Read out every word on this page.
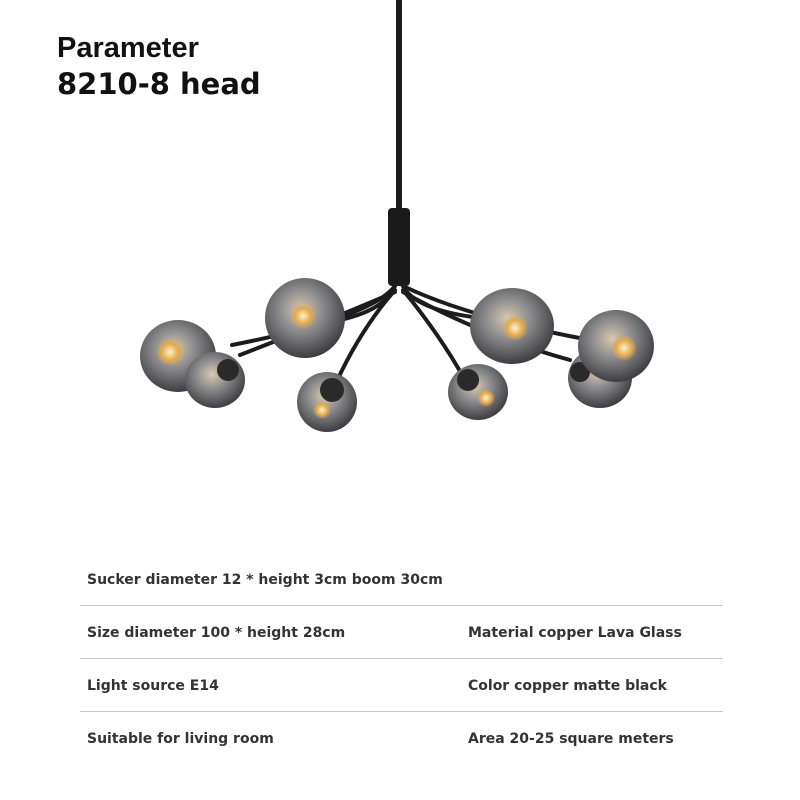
Parameter
8210-8 head
Sucker diameter 12 * height 3cm boom 30cm
Size diameter 100 * height 28cm	Material copper Lava Glass
Light source E14	Color copper matte black
Suitable for living room	Area 20-25 square meters
